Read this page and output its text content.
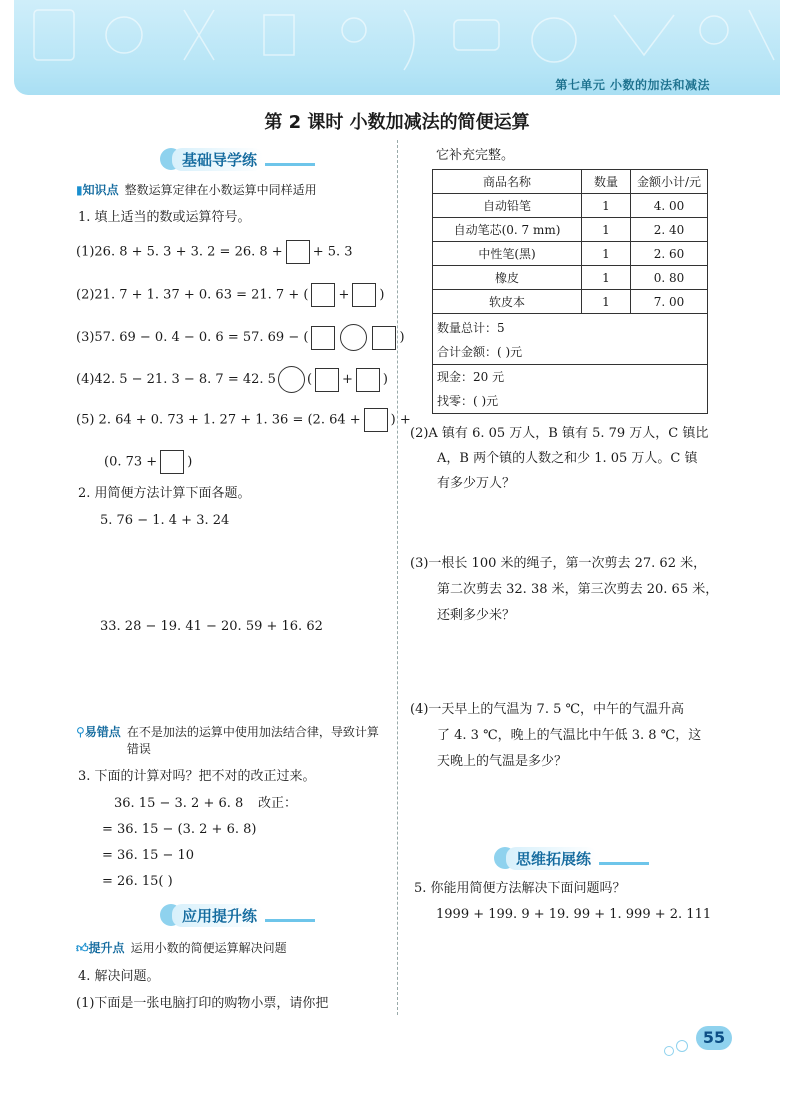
第七单元 小数的加法和减法
第 2 课时 小数加减法的简便运算
基础导学练
▮知识点 整数运算定律在小数运算中同样适用
1. 填上适当的数或运算符号。
(1)26. 8 + 5. 3 + 3. 2 = 26. 8 + + 5. 3
(2)21. 7 + 1. 37 + 0. 63 = 21. 7 + ( + )
(3)57. 69 − 0. 4 − 0. 6 = 57. 69 − (	)
(4)42. 5 − 21. 3 − 8. 7 = 42. 5 ( + )
(5) 2. 64 + 0. 73 + 1. 27 + 1. 36 = (2. 64 + ) +
(0. 73 + )
2. 用简便方法计算下面各题。
5. 76 − 1. 4 + 3. 24
33. 28 − 19. 41 − 20. 59 + 16. 62
⚲易错点 在不是加法的运算中使用加法结合律，导致计算错误
3. 下面的计算对吗？把不对的改正过来。
36. 15 − 3. 2 + 6. 8 改正：
= 36. 15 − (3. 2 + 6. 8)
= 36. 15 − 10
= 26. 15( )
应用提升练
👍︎提升点 运用小数的简便运算解决问题
4. 解决问题。
(1)下面是一张电脑打印的购物小票，请你把
它补充完整。
商品名称	数量	金额小计/元
自动铅笔	1	4. 00
自动笔芯(0. 7 mm)	1	2. 40
中性笔(黑)	1	2. 60
橡皮	1	0. 80
软皮本	1	7. 00
数量总计：5
合计金额：( )元
现金：20 元
找零：( )元
(2)A 镇有 6. 05 万人，B 镇有 5. 79 万人，C 镇比
A，B 两个镇的人数之和少 1. 05 万人。C 镇
有多少万人？
(3)一根长 100 米的绳子，第一次剪去 27. 62 米，
第二次剪去 32. 38 米，第三次剪去 20. 65 米，
还剩多少米？
(4)一天早上的气温为 7. 5 ℃，中午的气温升高
了 4. 3 ℃，晚上的气温比中午低 3. 8 ℃，这
天晚上的气温是多少？
思维拓展练
5. 你能用简便方法解决下面问题吗？
1999 + 199. 9 + 19. 99 + 1. 999 + 2. 111
55
